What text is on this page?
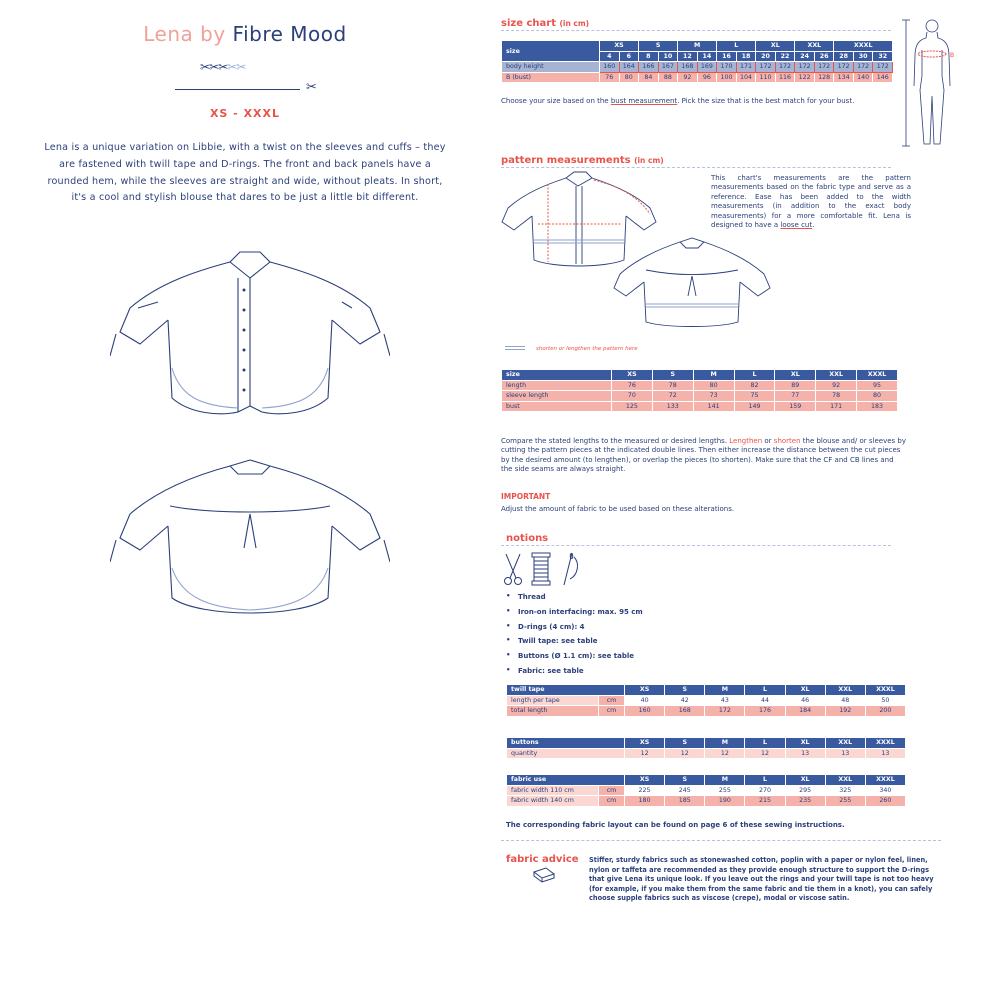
Lena by Fibre Mood
✂✂✂✂✂
✂
XS - XXXL
Lena is a unique variation on Libbie, with a twist on the sleeves and cuffs – they are fastened with twill tape and D-rings. The front and back panels have a rounded hem, while the sleeves are straight and wide, without pleats. In short, it's a cool and stylish blouse that dares to be just a little bit different.
size chart (in cm)
size	XS		S		M		L		XL		XXL		XXXL		
	4	6	8	10	12	14	16	18	20	22	24	26	28	30	32
body height	160	164	166	167	168	169	170	171	172	172	172	172	172	172	172
B (bust)	76	80	84	88	92	96	100	104	110	116	122	128	134	140	146
Choose your size based on the bust measurement. Pick the size that is the best match for your bust.
B
pattern measurements (in cm)
This chart's measurements are the pattern measurements based on the fabric type and serve as a reference. Ease has been added to the width measurements (in addition to the exact body measurements) for a more comfortable fit. Lena is designed to have a loose cut.
shorten or lengthen the pattern here
size	XS	S	M	L	XL	XXL	XXXL
length	76	78	80	82	89	92	95
sleeve length	70	72	73	75	77	78	80
bust	125	133	141	149	159	171	183
Compare the stated lengths to the measured or desired lengths. Lengthen or shorten the blouse and/ or sleeves by cutting the pattern pieces at the indicated double lines. Then either increase the distance between the cut pieces by the desired amount (to lengthen), or overlap the pieces (to shorten). Make sure that the CF and CB lines and the side seams are always straight.
IMPORTANT
Adjust the amount of fabric to be used based on these alterations.
notions
• Thread
• Iron-on interfacing: max. 95 cm
• D-rings (4 cm): 4
• Twill tape: see table
• Buttons (Ø 1.1 cm): see table
• Fabric: see table
twill tape		XS	S	M	L	XL	XXL	XXXL
length per tape	cm	40	42	43	44	46	48	50
total length	cm	160	168	172	176	184	192	200
buttons	XS	S	M	L	XL	XXL	XXXL
quantity	12	12	12	12	13	13	13
fabric use		XS	S	M	L	XL	XXL	XXXL
fabric width 110 cm	cm	225	245	255	270	295	325	340
fabric width 140 cm	cm	180	185	190	215	235	255	260
The corresponding fabric layout can be found on page 6 of these sewing instructions.
fabric advice Stiffer, sturdy fabrics such as stonewashed cotton, poplin with a paper or nylon feel, linen, nylon or taffeta are recommended as they provide enough structure to support the D-rings that give Lena its unique look. If you leave out the rings and your twill tape is not too heavy (for example, if you make them from the same fabric and tie them in a knot), you can safely choose supple fabrics such as viscose (crepe), modal or viscose satin.
